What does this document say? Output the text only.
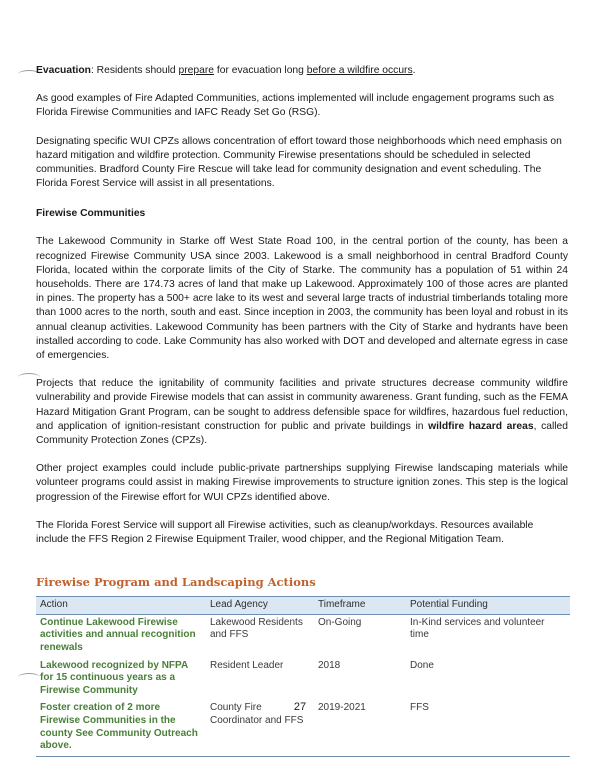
Evacuation: Residents should prepare for evacuation long before a wildfire occurs.

As good examples of Fire Adapted Communities, actions implemented will include engagement programs such as Florida Firewise Communities and IAFC Ready Set Go (RSG).

Designating specific WUI CPZs allows concentration of effort toward those neighborhoods which need emphasis on hazard mitigation and wildfire protection. Community Firewise presentations should be scheduled in selected communities. Bradford County Fire Rescue will take lead for community designation and event scheduling. The Florida Forest Service will assist in all presentations.

Firewise Communities

The Lakewood Community in Starke off West State Road 100, in the central portion of the county, has been a recognized Firewise Community USA since 2003. Lakewood is a small neighborhood in central Bradford County Florida, located within the corporate limits of the City of Starke. The community has a population of 51 within 24 households. There are 174.73 acres of land that make up Lakewood. Approximately 100 of those acres are planted in pines. The property has a 500+ acre lake to its west and several large tracts of industrial timberlands totaling more than 1000 acres to the north, south and east. Since inception in 2003, the community has been loyal and robust in its annual cleanup activities. Lakewood Community has been partners with the City of Starke and hydrants have been installed according to code. Lake Community has also worked with DOT and developed and alternate egress in case of emergencies.

Projects that reduce the ignitability of community facilities and private structures decrease community wildfire vulnerability and provide Firewise models that can assist in community awareness. Grant funding, such as the FEMA Hazard Mitigation Grant Program, can be sought to address defensible space for wildfires, hazardous fuel reduction, and application of ignition-resistant construction for public and private buildings in wildfire hazard areas, called Community Protection Zones (CPZs).

Other project examples could include public-private partnerships supplying Firewise landscaping materials while volunteer programs could assist in making Firewise improvements to structure ignition zones. This step is the logical progression of the Firewise effort for WUI CPZs identified above.

The Florida Forest Service will support all Firewise activities, such as cleanup/workdays. Resources available include the FFS Region 2 Firewise Equipment Trailer, wood chipper, and the Regional Mitigation Team.

Firewise Program and Landscaping Actions
Action	Lead Agency	Timeframe	Potential Funding
Continue Lakewood Firewise activities and annual recognition renewals	Lakewood Residents and FFS	On-Going	In-Kind services and volunteer time
Lakewood recognized by NFPA for 15 continuous years as a Firewise Community	Resident Leader	2018	Done
Foster creation of 2 more Firewise Communities in the county See Community Outreach above.	County Fire Coordinator and FFS	2019-2021	FFS
27
